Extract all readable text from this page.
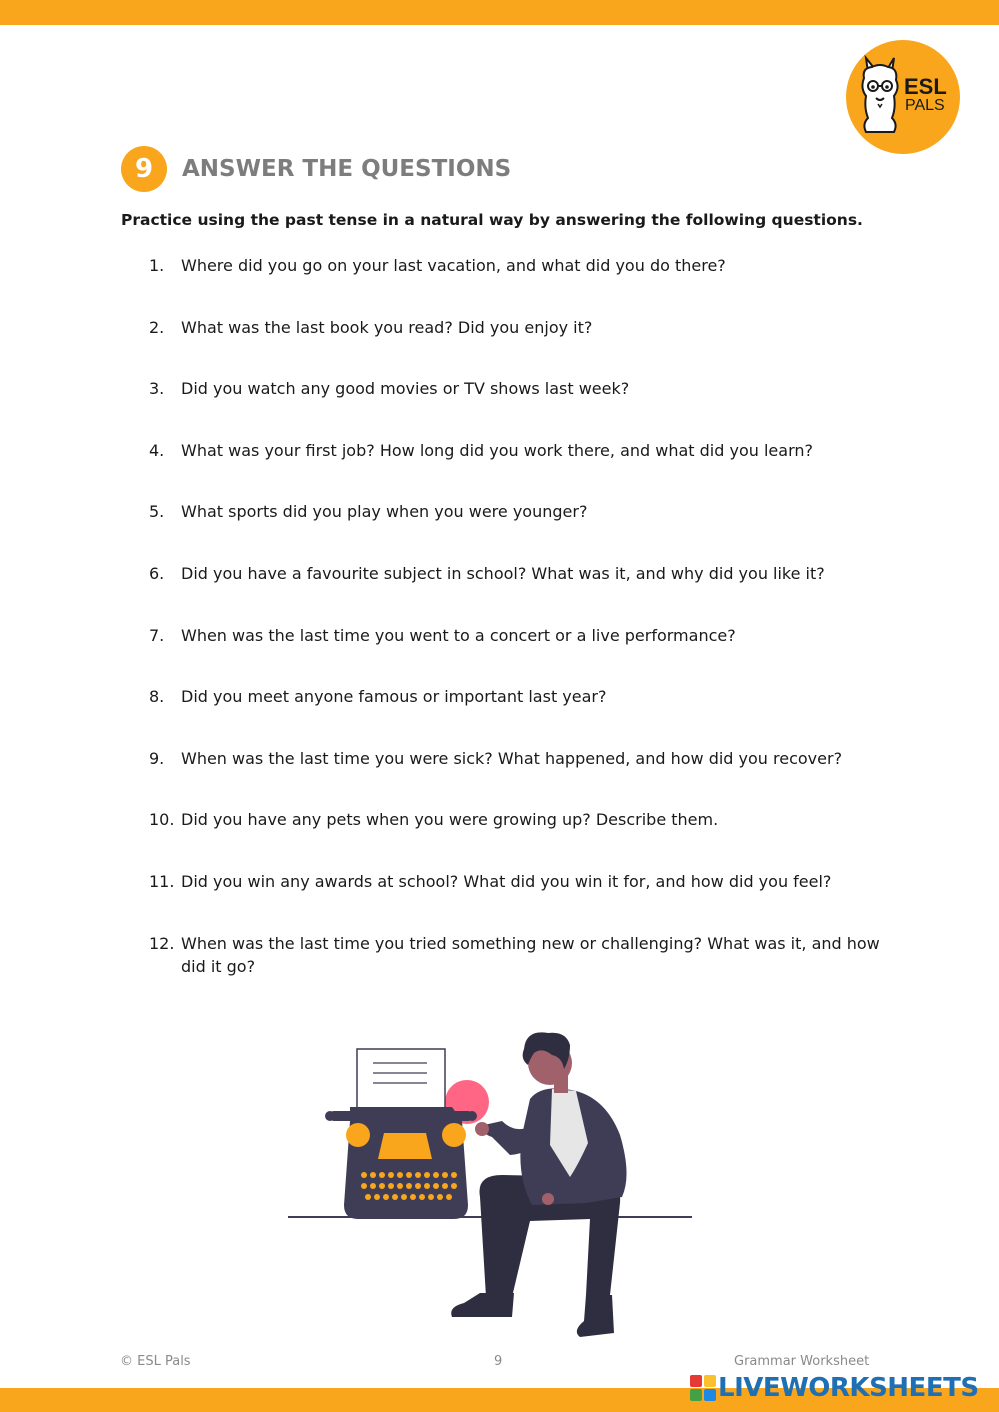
ESL
PALS
9	ANSWER THE QUESTIONS
Practice using the past tense in a natural way by answering the following questions.
1.	Where did you go on your last vacation, and what did you do there?
2.	What was the last book you read? Did you enjoy it?
3.	Did you watch any good movies or TV shows last week?
4.	What was your first job? How long did you work there, and what did you learn?
5.	What sports did you play when you were younger?
6.	Did you have a favourite subject in school? What was it, and why did you like it?
7.	When was the last time you went to a concert or a live performance?
8.	Did you meet anyone famous or important last year?
9.	When was the last time you were sick? What happened, and how did you recover?
10. Did you have any pets when you were growing up? Describe them.
11. Did you win any awards at school? What did you win it for, and how did you feel?
12. When was the last time you tried something new or challenging? What was it, and how did it go?
© ESL Pals	9	Grammar Worksheet
LIVEWORKSHEETS
